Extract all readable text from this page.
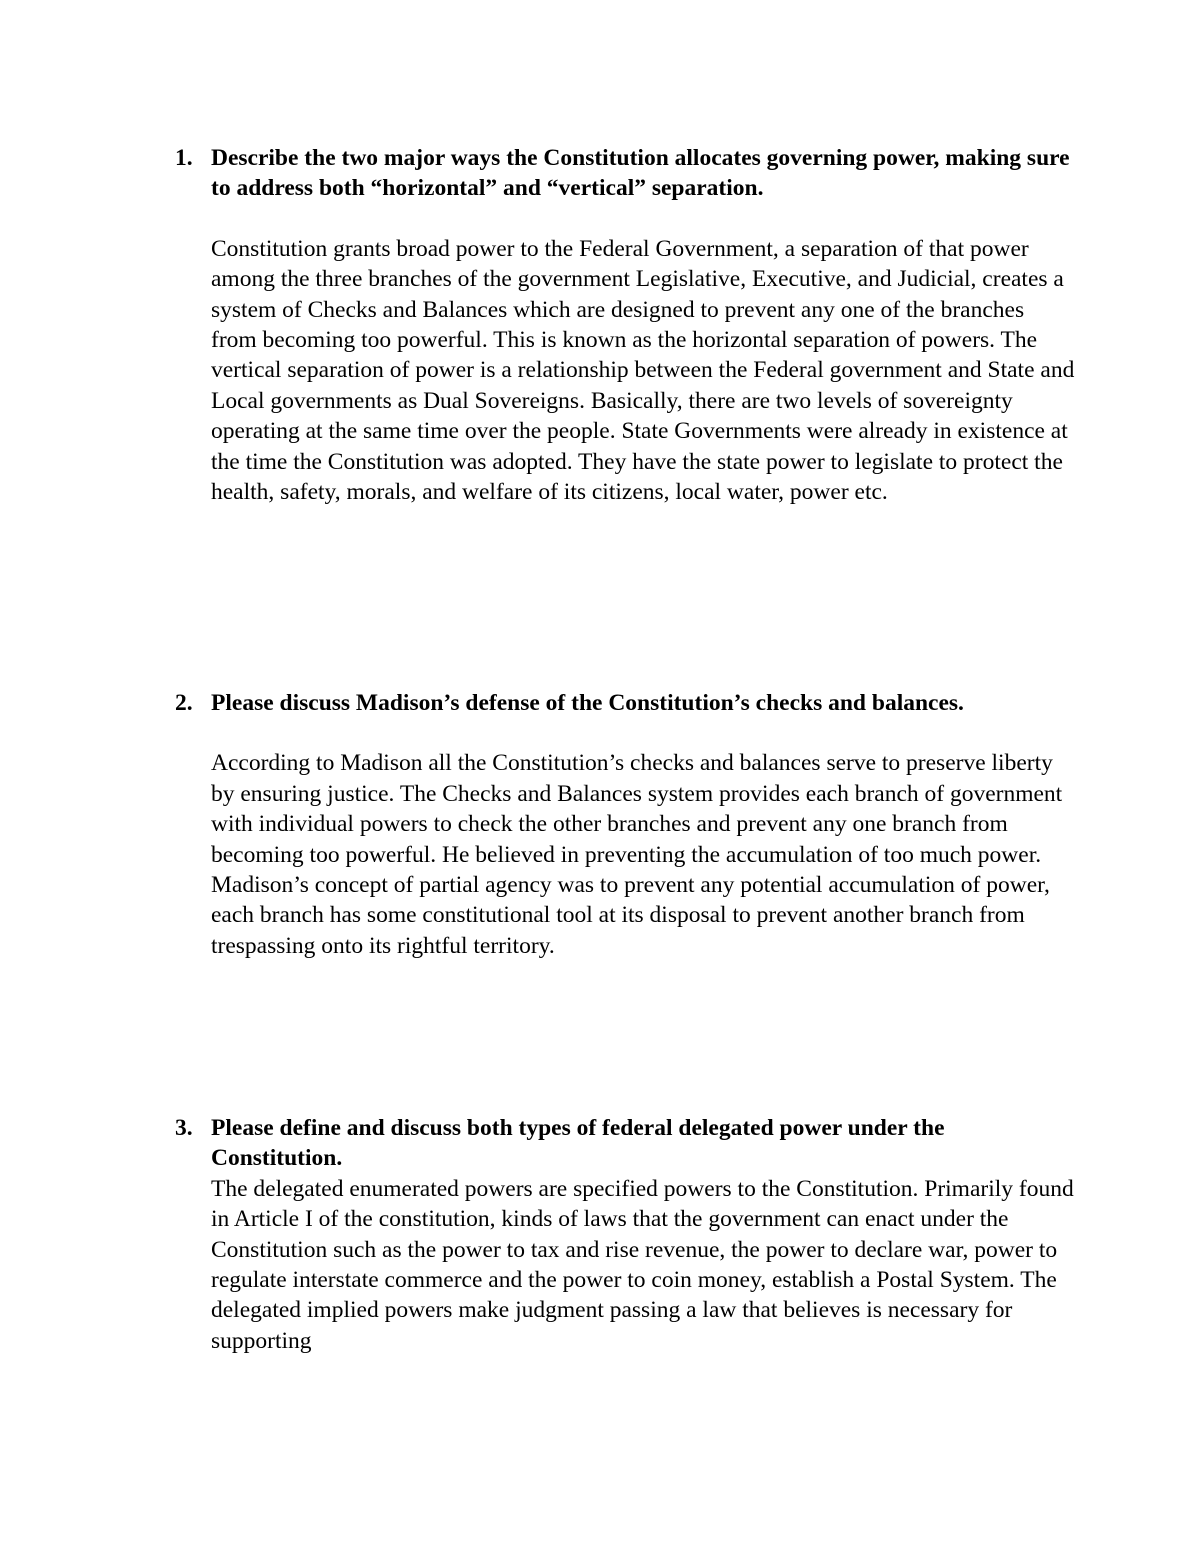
1. Describe the two major ways the Constitution allocates governing power, making sure to address both “horizontal” and “vertical” separation.
Constitution grants broad power to the Federal Government, a separation of that power among the three branches of the government Legislative, Executive, and Judicial, creates a system of Checks and Balances which are designed to prevent any one of the branches from becoming too powerful. This is known as the horizontal separation of powers. The vertical separation of power is a relationship between the Federal government and State and Local governments as Dual Sovereigns. Basically, there are two levels of sovereignty operating at the same time over the people. State Governments were already in existence at the time the Constitution was adopted. They have the state power to legislate to protect the health, safety, morals, and welfare of its citizens, local water, power etc.
2. Please discuss Madison’s defense of the Constitution’s checks and balances.
According to Madison all the Constitution’s checks and balances serve to preserve liberty by ensuring justice. The Checks and Balances system provides each branch of government with individual powers to check the other branches and prevent any one branch from becoming too powerful. He believed in preventing the accumulation of too much power. Madison’s concept of partial agency was to prevent any potential accumulation of power, each branch has some constitutional tool at its disposal to prevent another branch from trespassing onto its rightful territory.
3. Please define and discuss both types of federal delegated power under the Constitution.
The delegated enumerated powers are specified powers to the Constitution. Primarily found in Article I of the constitution, kinds of laws that the government can enact under the Constitution such as the power to tax and rise revenue, the power to declare war, power to regulate interstate commerce and the power to coin money, establish a Postal System. The delegated implied powers make judgment passing a law that believes is necessary for supporting
